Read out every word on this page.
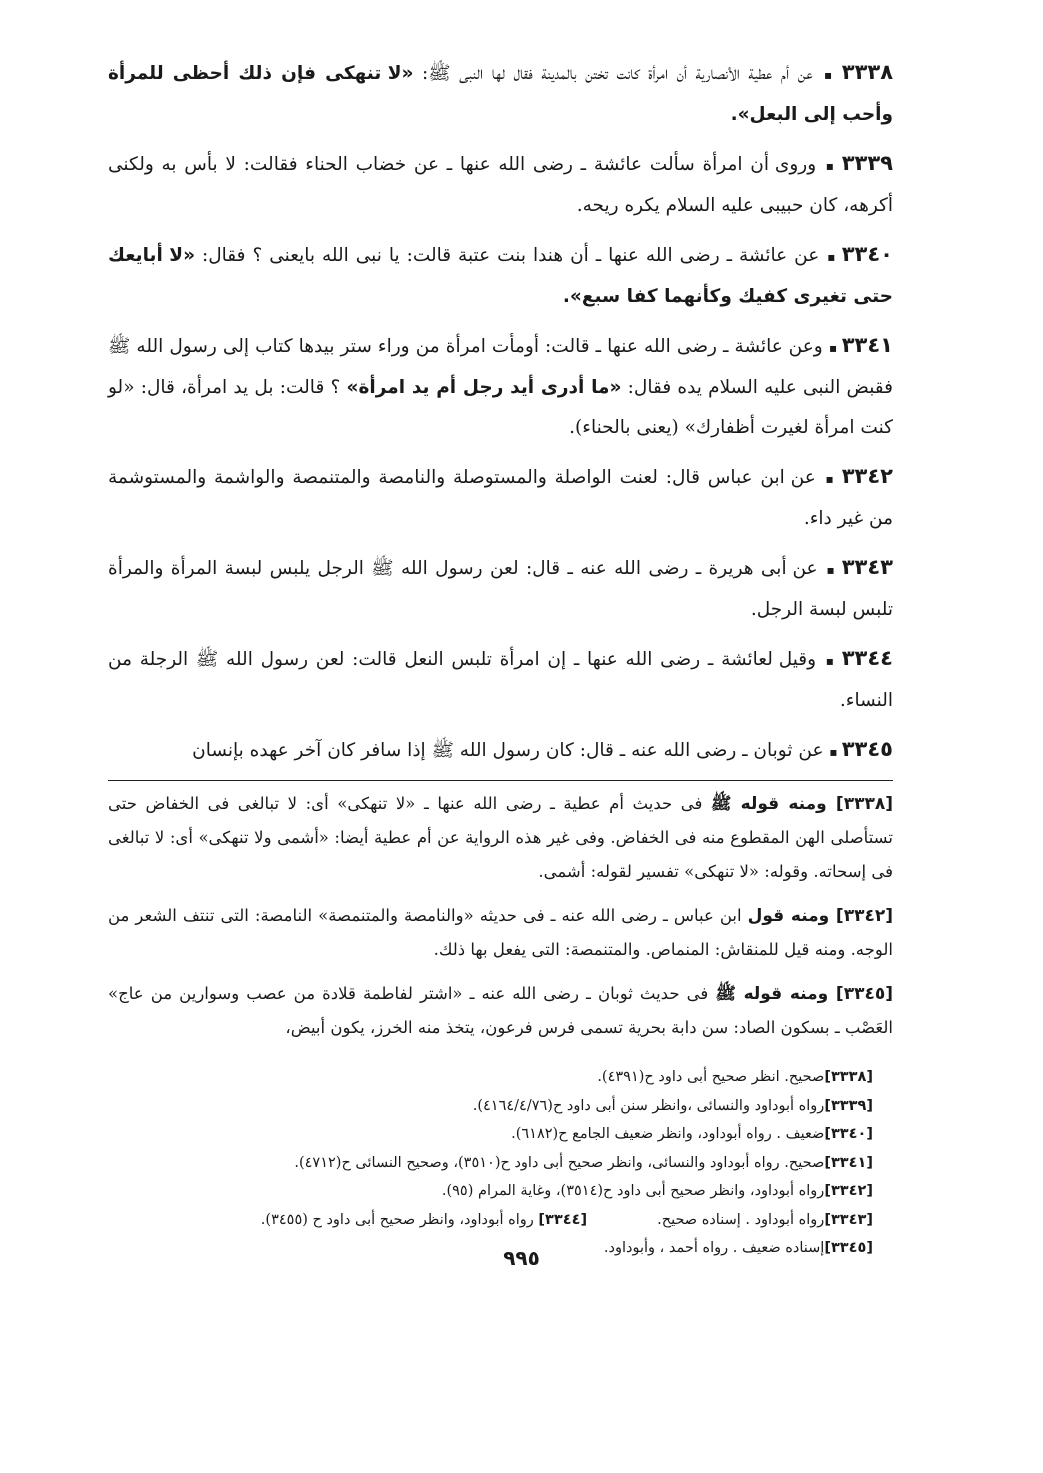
٣٣٣٨ ▪ عن أم عطية الأنصارية أن امرأة كانت تختن بالمدينة فقال لها النبى ﷺ: «لا تنهكى فإن ذلك أحظى للمرأة وأحب إلى البعل».

٣٣٣٩ ▪ وروى أن امرأة سألت عائشة ـ رضى الله عنها ـ عن خضاب الحناء فقالت: لا بأس به ولكنى أكرهه، كان حبيبى عليه السلام يكره ريحه.

٣٣٤٠ ▪ عن عائشة ـ رضى الله عنها ـ أن هندا بنت عتبة قالت: يا نبى الله بايعنى ؟ فقال: «لا أبايعك حتى تغيرى كفيك وكأنهما كفا سبع».

٣٣٤١ ▪ وعن عائشة ـ رضى الله عنها ـ قالت: أومأت امرأة من وراء ستر بيدها كتاب إلى رسول الله ﷺ فقبض النبى عليه السلام يده فقال: «ما أدرى أيد رجل أم يد امرأة» ؟ قالت: بل يد امرأة، قال: «لو كنت امرأة لغيرت أظفارك» (يعنى بالحناء).

٣٣٤٢ ▪ عن ابن عباس قال: لعنت الواصلة والمستوصلة والنامصة والمتنمصة والواشمة والمستوشمة من غير داء.

٣٣٤٣ ▪ عن أبى هريرة ـ رضى الله عنه ـ قال: لعن رسول الله ﷺ الرجل يلبس لبسة المرأة والمرأة تلبس لبسة الرجل.

٣٣٤٤ ▪ وقيل لعائشة ـ رضى الله عنها ـ إن امرأة تلبس النعل قالت: لعن رسول الله ﷺ الرجلة من النساء.

٣٣٤٥ ▪ عن ثوبان ـ رضى الله عنه ـ قال: كان رسول الله ﷺ إذا سافر كان آخر عهده بإنسان

[٣٣٣٨] ومنه قوله ﷺ فى حديث أم عطية ـ رضى الله عنها ـ «لا تنهكى» أى: لا تبالغى فى الخفاض حتى تستأصلى الهن المقطوع منه فى الخفاض. وفى غير هذه الرواية عن أم عطية أيضا: «أشمى ولا تنهكى» أى: لا تبالغى فى إسحاته. وقوله: «لا تنهكى» تفسير لقوله: أشمى.

[٣٣٤٢] ومنه قول ابن عباس ـ رضى الله عنه ـ فى حديثه «والنامصة والمتنمصة» النامصة: التى تنتف الشعر من الوجه. ومنه قيل للمنقاش: المنماص. والمتنمصة: التى يفعل بها ذلك.

[٣٣٤٥] ومنه قوله ﷺ فى حديث ثوبان ـ رضى الله عنه ـ «اشتر لفاطمة قلادة من عصب وسوارين من عاج» العَصْب ـ بسكون الصاد: سن دابة بحرية تسمى فرس فرعون، يتخذ منه الخرز، يكون أبيض،

[٣٣٣٨]صحيح. انظر صحيح أبى داود ح(٤٣٩١).
[٣٣٣٩]رواه أبوداود والنسائى ،وانظر سنن أبى داود ح(٤١٦٤/٤/٧٦).
[٣٣٤٠]ضعيف . رواه أبوداود، وانظر ضعيف الجامع ح(٦١٨٢).
[٣٣٤١]صحيح. رواه أبوداود والنسائى، وانظر صحيح أبى داود ح(٣٥١٠)، وصحيح النسائى ح(٤٧١٢).
[٣٣٤٢]رواه أبوداود، وانظر صحيح أبى داود ح(٣٥١٤)، وغاية المرام (٩٥).
[٣٣٤٣]رواه أبوداود . إسناده صحيح.[٣٣٤٤] رواه أبوداود، وانظر صحيح أبى داود ح (٣٤٥٥).
[٣٣٤٥]إسناده ضعيف . رواه أحمد ، وأبوداود.
٩٩٥
